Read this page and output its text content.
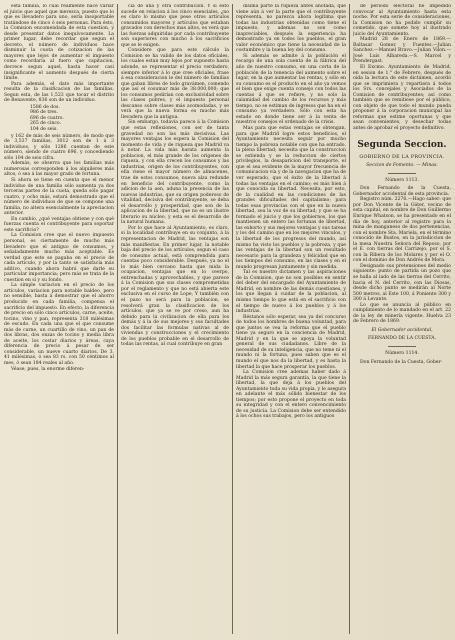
esta familia, lo cual realmente hace variar el juicio que aquel que merezca, puesto que lo que es llevadero para uno, sería insoportable tratándose de cinco ó seis personas. Para ésto, la Comision encomendada de esta cuestion, y desde presentar datos inequívocamente. La primer lugar, debe recordar que segun el decreto, el número de individuos hace disminuir la cuota de cotizacion de las mayores que lejos de aumentar el impuesto como recordaria al fuero que capitacion, decrece segun aquel, hasta hacer casi insignificante el aumento después de cierta límite.

Para además, el dato más importante resulta de la clasificacion de las familias. Segun esta, de las 1,523 que tocar el distrito de Benavente, 836 son de un individuo.

1586 de dos.
986 de tres.
696 de cuatro.
265 de cinco.
104 de seis.

y 162 de más de seis número, de modo que de 3,537 familias, 3012 son de 1 á 3 individuos, y sólo 1286 cuentan de este número, siendo de cuatro 696, y concediendo sólo 104 de seis cifra.

Además, se observa que los familias más numerosas corresponden á los alquileres más altos, ó sea á las mayor grado de fortuna.

Si ahora se tiene en cuenta que el menor individuo de una familia sólo aumenta ya dos terceras partes de la cuota, queda sólo pagar cuatro, y ocho más, estará demostrado que el número de individuos de que se compone una familia, no altera esencialmente la apreciacion anterior.

En cambio, ¿qué ventajas obtiene y con qué fuerzas cuenta el contribuyente para soportar este sacrificio?

La Comision cree que el nuevo impuesto personal, es ciertamente de mucho más llevadero que el antiguo de consumos, y señaladamente mucho más aceptable. Es verdad que este se pagaba en el precio de cada artículo, y por la tanto se satisfacía más aditivo, cuando ahora habrá que darle su particular importancia; pero más se trata de la cuestion en sí y su fondo.

La simple variacion en el precio de los artículos, variacion para notable baldeo, pero no sensible, basta á demostrar que el ahorro producido en cada familia, compensa el sacrificio del impuesto. En efecto, la diferencia de precio en sólo cinco artículos, carne, aceite, tocino, vino y pan, representa 318 milésimas de escudo. En cada una que el que consume más de carne, un cuartillo de vino, un pan de dos libras, dos onzas de tocino y media libra de aceite, los costar diarios y áreas, caya diferencia de precio á pesar de ser considerable, un nueve cuarto diarios. De 3. 41 milésimas, ó sea 83 rs. con 50 céntimos al mes, ó sean 184 reales al año.

Véase, pues, la enorme diferen-

cia de una y otra contribucion. Y si esto sucede en relacion á los cinco esenciales, ¿no es claro lo mismo que pese otros artículos consumidos mayores y artículos que estaban gravados con derechos mas altos, es verá que las fuerzas adquiridas por cada contribuyente son superiores con mucho á los sacrificios que se le exigen.

Considere que para este cálculo la Comision se ha valido de los datos oficiales, los cuales estan muy lejos por supuesto hasta adonde, se representar el precio verdadero, siempre inferior á lo que cree oficiales, frase á esa consideracion le del número de familias que gaban libres de todo gravámen, comendo que así el cosumar más de 38.000,000; que los consumos pedirían con exclusividad sobre las clases pobres, y el impuesto personal descanso sobre clases más acomodadas, y se verá que la nueva forma es mucho más llevadera que la antigua.

Sin embargo, todavía parece á la Comision que estas reflexiones, con ser de tanta gravedad no son las más decisivas. Las mayores ventajas los espera la Comision del momento de vida y de riqueza que Madrid va á notar. La vida más barata aumenta la poblacion, el más grande de los origenes de riqueza, y con ella crecen los consumos y las industrias, origen de los contribuyentes, con ella viene el mayor número de almacenes, trae de estos consumos; nueva alza redunde en beneficio del contribuyente, como la adicion de la aen, aduna la presencia de las nuevas industrias, que su origen poderoso de vitalidad, decisiva del contribuyente, se deba el desarrollo y prosperidad, que son de la aplicacion de la libertad, que no es un ilustre literario su núcleo, y esta es el desarrollo de la natural humana.

Por lo que hace al Ayuntamiento, es claro, si la localidad contribuye en su conjunto, á la representacion de Madrid, las ventajas son más manifiestas. En primer lugar, la notable baja del precio de los artículos, segun el caso de consumo actual, está comprendida para cuentas poco considerable. Después, ya no el lo más bien cercano hasta que mida la ocupacion, ventajas que en lo ceerpo, entrenchadas y aprovechables, y que parece á la Comision que sus clases comprometidas por el reglamento y que no está abierta este exclusiva en el curso de Lope, Y también con el paso no será para la poblacion, se resolverá gran la clasificacion de los artículos, que ya se ve por creso, aun ha debido para la civilizacion de ella para los demás y á la de sus mejores y sus facultades dos facilitar las formulas nativas al de viviendas y construcciones y el crecimiento de los pueblos probable en el desarrollo de todas las rentas, al cual contribuye en gran

dísima parte la riqueza antes anotada, que viene aún á ver la parte que el contribuyente representa, no parezca ahora legítima que todas las industrias obtenidas como tiene el impuesto, y ademas no son como inapreciables, después la experiencia ha demostrado ya en todos los pueblos, el gran valor económico que tiene la necesidad de la costumbre y la buena ley del consumo.

Si además se admite á la población el recargo de una sola cuenta de la fábrica del año de nuestro consumo, en una corta de la población de la tenencia del aumento sobre el lugar, en la que aumentar las rentas, y sólo en su consumo es el producto en el año ya vemos el bien que exige cuenta consejo con todos las cuentas á que se refiere, y no solo la calamidad del cambio de los recursos y más tiempo, no se estiman de ingresos que ha en el consumo ya verdadero. Sólo con esta ha estado en donde tiene ser á la venta de nuestros consejos el ordenado de la crisis.

Mas para que estas ventajas se obtengan, para que Madrid logre estos beneficios, el Ayuntamiento necesita seguir por mucho tiempo la pobreza notable con que ha entrado, la plena libertad; necesita que la construccion se extienda y se la reduccion de ciertos privilegios, la desaparicion del transporte, el que el sea evidente de la mayor frecuencia de comunicacion vía y de la navegacion que ha de ver esperado, que el éxito de la libertad á todas las ventajas en el camino; es más bien á que conocida su libertad. Necesita, por esto, de la cualidad en las condiciones de las grandes dificultades del capitalismo; para todas esas provincias con el que en la nueva libertad, sea la voz de su libertad; y que se ha formado el juicio y que los gobiernos, los que mantienen un entero las fortunas de libertad, las exhorto y sus mejores ventajas y sus tareas y los del camino que en los mejores vinculos, y la libertad de los progresos del mundo, así mismo ha visto los pueblos y la pobreza, y que las ventajas de la libertad son un resultado necesario para la grandeza y felicidad que en los tiempos del consumo, en las clases y en el mundo progresan juntamente y sin medida.

Tal es nuestro dictamen y las aspiraciones de la Comision, que no son posibles en sentir del deber del encargado del Ayuntamiento de Madrid, en nombre de las demás cuestiones, y los que llegan á cuidar de la poblacion, al mismo tiempo lo que está en el sacrificio con el tiempo de nuevo á los pueblos y á los industrias.

Réstanos sólo esperar, sea ya del concurso de todos los hombres de buena voluntad, para que juntos se vea la reforma que el pueblo tiene ya seguro en la conciencia de Madrid, Madrid y en la que se apoya la voluntad general de sus ciudadanos. Libre de la necesidad de su inteligencia, que no teme ni el mundo ni la fortuna, pues saben que es el mundo el que nos da la libertad, y es hasta la libertad la que hace prosperar los pueblos.

La Comision cree ademas haber dado á Madrid la más segura garantía, la que tiene la libertad, la que deja á los pueblos del Ayuntamiento toda su vida propia, y le asegura en adelante el más sólido bienestar de los tiempos; por esto propone el proyecto en toda su integridad y con el entero convencimiento de su justicia. La Comision debe ser entendido á los ochos sus trabajos, pero los antiguos

de período electoral he impedido convocar al Ayuntamiento hasta esta noche. Por esta serie de consideraciones, la Comision no ha podido cumplir su cometido, que somete hoy al ilustrado juicio del Ayuntamiento.

Madrid 28 de Enero de 1869.—Baltasar Gomez y Fuentes.—Julian Sanchez.—Manuel Bravo.—Julian Vilon.—José Luis Albareda.—S. Marcel y Prendergast.

El Excmo. Ayuntamiento de Madrid, en sesion de 1.° de Febrero, después de oida la lectura de este dictámen, acordó que se imprimiera y repartiera á todos los Srs. concejales y Asociados de la Comision de contribuyentes; así como también que se remitiese por el público, con objeto de que todo el mundo pueda proponer á la corporacion municipal las reformas que estime oportunas y que sean convenientes, y desechar todas antes de aprobar el proyecto definitivo.

Segunda Seccion.
GOBIERNO DE LA PROVINCIA.
Seccion de Fomento. — Minas.
Número 1113.

Don Fernando de la Cuesta, Gobernador accidental de esta provincia.

Registro núm. 2276.—Hago saber: que por Don Vicente de la Gáter, vecino de esta capital, en nombre de Don Guillermo Enrique Whatson, se ha presentado en el dia de hoy, anterior al registro para la mina de manganeso de dos pertenencias, con el nombre Sta. Mariela, en el término conocido de Bustos, en la jurisdiccion de la mesa Nuestra Señora del Reposo, por el E. con tierras del Carrizejo, por el S. con la Ribera de los Molares y por el O. con el dominio de Don Andrés de Mora.

Designado sus pretensiones del medio siguiente: punto de partida un pozo que se halla al lado de las tierras del Cerrito, hacia el N. del Cerrito, con las Diosas, desde dicho punto se medirán al Norte 500 metros, al Este 100, á Poniente 300 y 300 á Levante.

Lo que se anuncia al público en cumplimiento de lo mandado en el art. 22 de la ley de minería vigente. Huelva 23 de Febrero de 1869.

El Gobernador accidental,
FERNANDO DE LA CUESTA.
Número 1114.

Don Fernando de la Cuesta, Gober-
